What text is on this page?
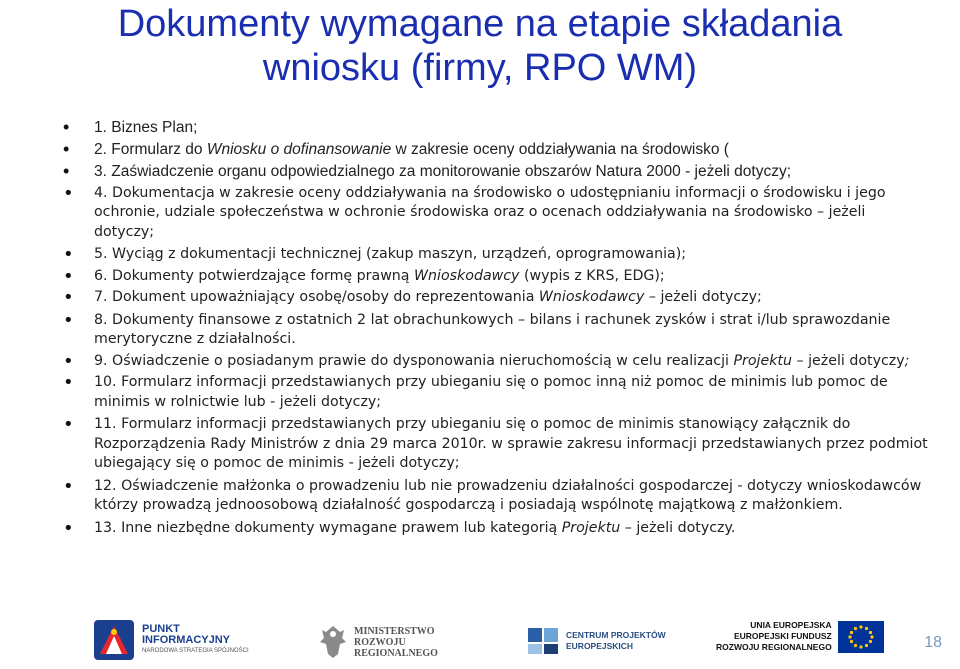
Dokumenty wymagane na etapie składania
wniosku (firmy, RPO WM)
• 1. Biznes Plan;
• 2. Formularz do Wniosku o dofinansowanie w zakresie oceny oddziaływania na środowisko (
• 3. Zaświadczenie organu odpowiedzialnego za monitorowanie obszarów Natura 2000 - jeżeli dotyczy;
• 4. Dokumentacja w zakresie oceny oddziaływania na środowisko o udostępnianiu informacji o środowisku i jego ochronie, udziale społeczeństwa w ochronie środowiska oraz o ocenach oddziaływania na środowisko – jeżeli dotyczy;
• 5. Wyciąg z dokumentacji technicznej (zakup maszyn, urządzeń, oprogramowania);
• 6. Dokumenty potwierdzające formę prawną Wnioskodawcy (wypis z KRS, EDG);
• 7. Dokument upoważniający osobę/osoby do reprezentowania Wnioskodawcy – jeżeli dotyczy;
• 8. Dokumenty finansowe z ostatnich 2 lat obrachunkowych – bilans i rachunek zysków i strat i/lub sprawozdanie merytoryczne z działalności.
• 9. Oświadczenie o posiadanym prawie do dysponowania nieruchomością w celu realizacji Projektu – jeżeli dotyczy;
• 10. Formularz informacji przedstawianych przy ubieganiu się o pomoc inną niż pomoc de minimis lub pomoc de minimis w rolnictwie lub - jeżeli dotyczy;
• 11. Formularz informacji przedstawianych przy ubieganiu się o pomoc de minimis stanowiący załącznik do Rozporządzenia Rady Ministrów z dnia 29 marca 2010r. w sprawie zakresu informacji przedstawianych przez podmiot ubiegający się o pomoc de minimis - jeżeli dotyczy;
• 12. Oświadczenie małżonka o prowadzeniu lub nie prowadzeniu działalności gospodarczej - dotyczy wnioskodawców którzy prowadzą jednoosobową działalność gospodarczą i posiadają wspólnotę majątkową z małżonkiem.
• 13. Inne niezbędne dokumenty wymagane prawem lub kategorią Projektu – jeżeli dotyczy.
PUNKT
INFORMACYJNY
NARODOWA STRATEGIA SPÓJNOŚCI
MINISTERSTWO
ROZWOJU
REGIONALNEGO
CENTRUM PROJEKTÓW
EUROPEJSKICH
UNIA EUROPEJSKA
EUROPEJSKI FUNDUSZ
ROZWOJU REGIONALNEGO	18
